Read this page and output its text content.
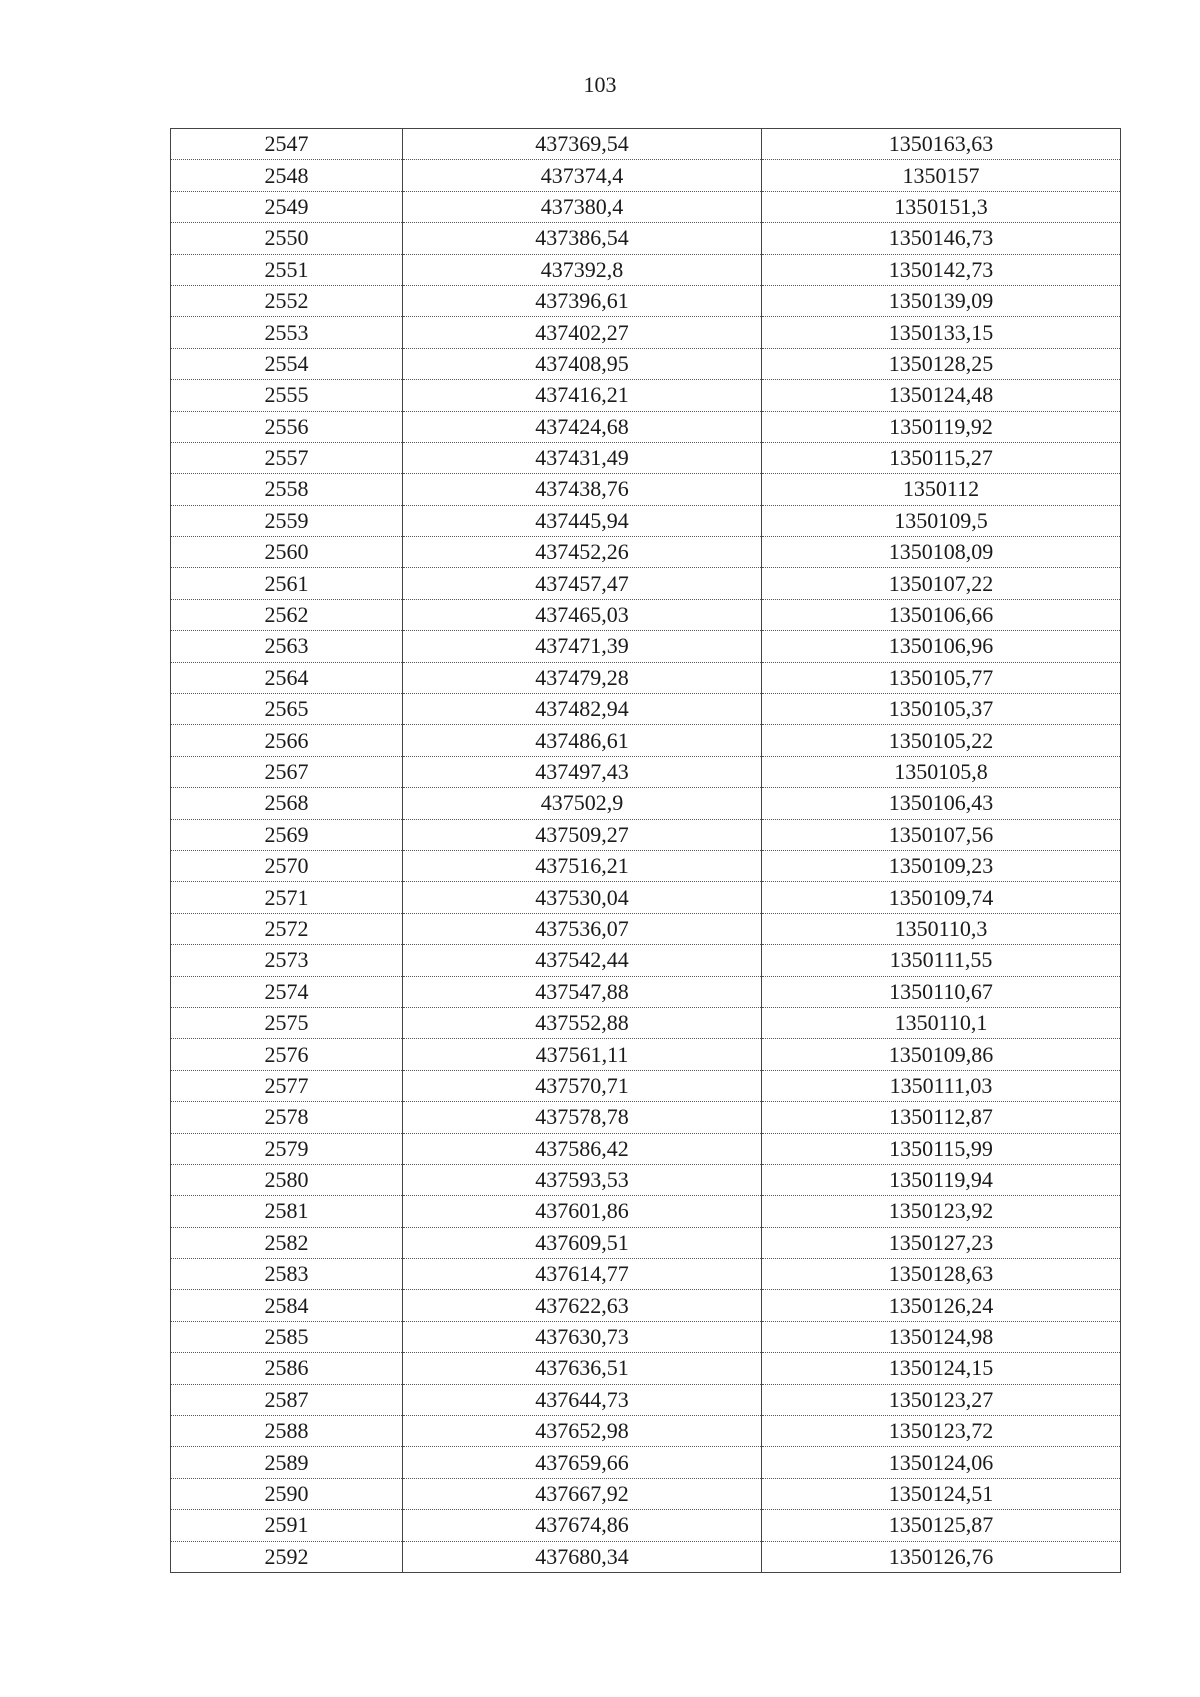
103
2547	437369,54	1350163,63
2548	437374,4	1350157
2549	437380,4	1350151,3
2550	437386,54	1350146,73
2551	437392,8	1350142,73
2552	437396,61	1350139,09
2553	437402,27	1350133,15
2554	437408,95	1350128,25
2555	437416,21	1350124,48
2556	437424,68	1350119,92
2557	437431,49	1350115,27
2558	437438,76	1350112
2559	437445,94	1350109,5
2560	437452,26	1350108,09
2561	437457,47	1350107,22
2562	437465,03	1350106,66
2563	437471,39	1350106,96
2564	437479,28	1350105,77
2565	437482,94	1350105,37
2566	437486,61	1350105,22
2567	437497,43	1350105,8
2568	437502,9	1350106,43
2569	437509,27	1350107,56
2570	437516,21	1350109,23
2571	437530,04	1350109,74
2572	437536,07	1350110,3
2573	437542,44	1350111,55
2574	437547,88	1350110,67
2575	437552,88	1350110,1
2576	437561,11	1350109,86
2577	437570,71	1350111,03
2578	437578,78	1350112,87
2579	437586,42	1350115,99
2580	437593,53	1350119,94
2581	437601,86	1350123,92
2582	437609,51	1350127,23
2583	437614,77	1350128,63
2584	437622,63	1350126,24
2585	437630,73	1350124,98
2586	437636,51	1350124,15
2587	437644,73	1350123,27
2588	437652,98	1350123,72
2589	437659,66	1350124,06
2590	437667,92	1350124,51
2591	437674,86	1350125,87
2592	437680,34	1350126,76
